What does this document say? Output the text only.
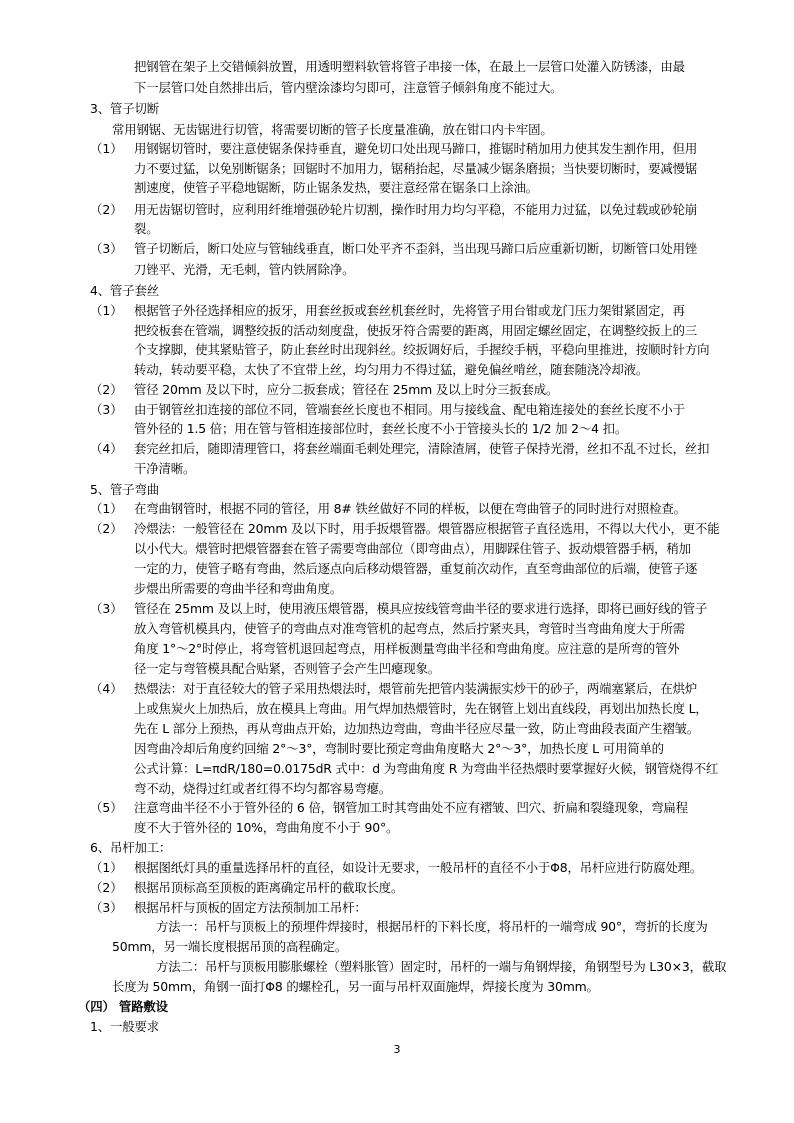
把钢管在架子上交错倾斜放置，用透明塑料软管将管子串接一体，在最上一层管口处灌入防锈漆，由最
下一层管口处自然排出后，管内壁涂漆均匀即可，注意管子倾斜角度不能过大。
3、管子切断
常用钢锯、无齿锯进行切管，将需要切断的管子长度量准确，放在钳口内卡牢固。
（1） 用钢锯切管时，要注意使锯条保持垂直，避免切口处出现马蹄口，推锯时稍加用力使其发生割作用，但用
力不要过猛，以免别断锯条；回锯时不加用力，锯稍抬起，尽量减少锯条磨损；当快要切断时，要减慢锯
割速度，使管子平稳地锯断，防止锯条发热，要注意经常在锯条口上涂油。
（2） 用无齿锯切管时，应利用纤维增强砂轮片切割，操作时用力均匀平稳，不能用力过猛，以免过载或砂轮崩
裂。
（3） 管子切断后，断口处应与管轴线垂直，断口处平齐不歪斜，当出现马蹄口后应重新切断，切断管口处用锉
刀锉平、光滑，无毛刺，管内铁屑除净。
4、管子套丝
（1） 根据管子外径选择相应的扳牙，用套丝扳或套丝机套丝时，先将管子用台钳或龙门压力架钳紧固定，再
把绞板套在管端，调整绞扳的活动刻度盘，使扳牙符合需要的距离，用固定螺丝固定，在调整绞扳上的三
个支撑脚，使其紧贴管子，防止套丝时出现斜丝。绞扳调好后，手握绞手柄，平稳向里推进，按顺时针方向
转动，转动要平稳，太快了不宜带上丝，均匀用力不得过猛，避免偏丝啃丝，随套随浇冷却液。
（2） 管径 20mm 及以下时，应分二扳套成；管径在 25mm 及以上时分三扳套成。
（3） 由于钢管丝扣连接的部位不同，管端套丝长度也不相同。用与接线盒、配电箱连接处的套丝长度不小于
管外径的 1.5 倍；用在管与管相连接部位时，套丝长度不小于管接头长的 1/2 加 2～4 扣。
（4） 套完丝扣后，随即清理管口，将套丝端面毛刺处理完，清除渣屑，使管子保持光滑，丝扣不乱不过长，丝扣
干净清晰。
5、管子弯曲
（1） 在弯曲钢管时，根据不同的管径，用 8# 铁丝做好不同的样板，以便在弯曲管子的同时进行对照检查。
（2） 冷煨法：一般管径在 20mm 及以下时，用手扳煨管器。煨管器应根据管子直径选用，不得以大代小，更不能
以小代大。煨管时把煨管器套在管子需要弯曲部位（即弯曲点），用脚踩住管子、扳动煨管器手柄，稍加
一定的力，使管子略有弯曲，然后逐点向后移动煨管器，重复前次动作，直至弯曲部位的后端，使管子逐
步煨出所需要的弯曲半径和弯曲角度。
（3） 管径在 25mm 及以上时，使用液压煨管器，模具应按线管弯曲半径的要求进行选择，即将已画好线的管子
放入弯管机模具内，使管子的弯曲点对准弯管机的起弯点，然后拧紧夹具，弯管时当弯曲角度大于所需
角度 1°～2°时停止，将弯管机退回起弯点，用样板测量弯曲半径和弯曲角度。应注意的是所弯的管外
径一定与弯管模具配合贴紧，否则管子会产生凹瘪现象。
（4） 热煨法：对于直径较大的管子采用热煨法时，煨管前先把管内装满振实炒干的砂子，两端塞紧后，在烘炉
上或焦炭火上加热后，放在模具上弯曲。用气焊加热煨管时，先在钢管上划出直线段，再划出加热长度 L，
先在 L 部分上预热，再从弯曲点开始，边加热边弯曲，弯曲半径应尽量一致，防止弯曲段表面产生褶皱。
因弯曲冷却后角度约回缩 2°～3°，弯制时要比预定弯曲角度略大 2°～3°，加热长度 L 可用简单的
公式计算：L=πdR/180=0.0175dR 式中：d 为弯曲角度 R 为弯曲半径热煨时要掌握好火候，钢管烧得不红
弯不动，烧得过红或者红得不均匀都容易弯瘪。
（5） 注意弯曲半径不小于管外径的 6 倍，钢管加工时其弯曲处不应有褶皱、凹穴、折扁和裂缝现象，弯扁程
度不大于管外径的 10%，弯曲角度不小于 90°。
6、吊杆加工：
（1） 根据图纸灯具的重量选择吊杆的直径，如设计无要求，一般吊杆的直径不小于Φ8，吊杆应进行防腐处理。
（2） 根据吊顶标高至顶板的距离确定吊杆的截取长度。
（3） 根据吊杆与顶板的固定方法预制加工吊杆：
方法一：吊杆与顶板上的预埋件焊接时，根据吊杆的下料长度，将吊杆的一端弯成 90°，弯折的长度为
50mm，另一端长度根据吊顶的高程确定。
方法二：吊杆与顶板用膨胀螺栓（塑料胀管）固定时，吊杆的一端与角钢焊接，角钢型号为 L30×3，截取
长度为 50mm，角钢一面打Φ8 的螺栓孔，另一面与吊杆双面施焊，焊接长度为 30mm。
（四） 管路敷设
1、一般要求
3
